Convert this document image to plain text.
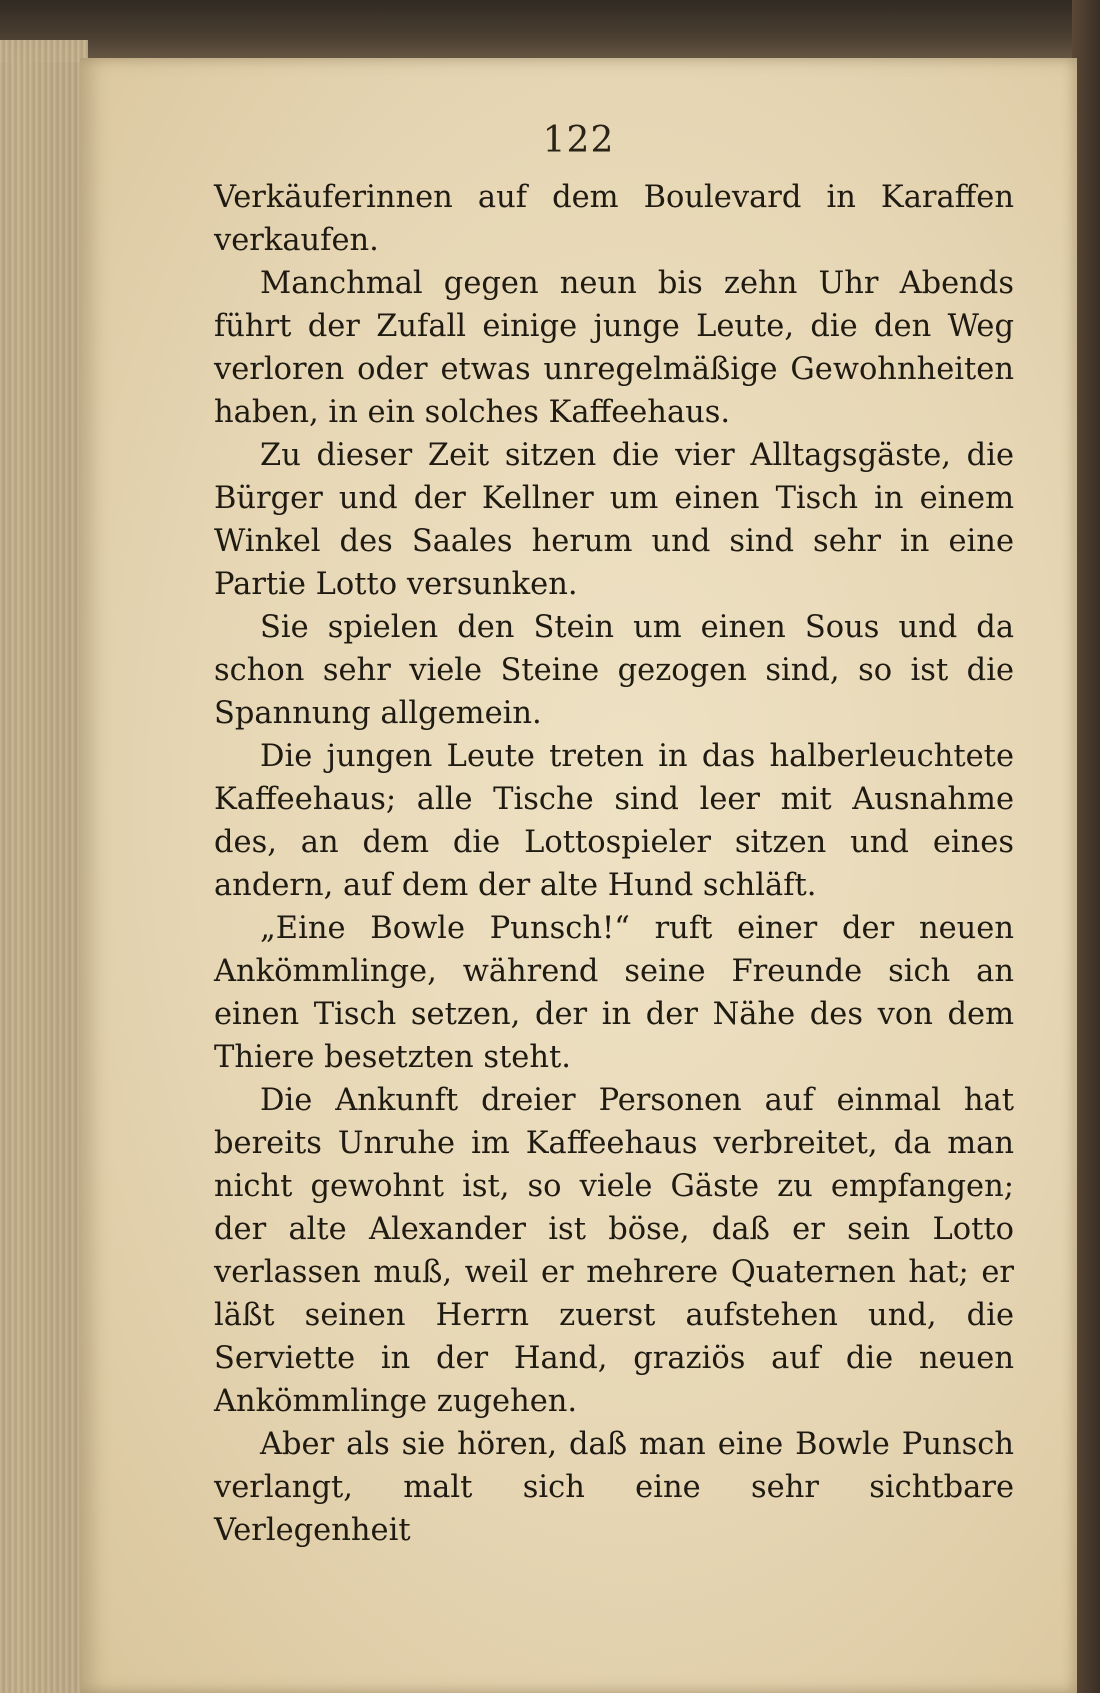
122

Verkäuferinnen auf dem Boulevard in Karaffen verkaufen.

Manchmal gegen neun bis zehn Uhr Abends führt der Zufall einige junge Leute, die den Weg verloren oder etwas unregelmäßige Gewohnheiten haben, in ein solches Kaffeehaus.

Zu dieser Zeit sitzen die vier Alltagsgäste, die Bürger und der Kellner um einen Tisch in einem Winkel des Saales herum und sind sehr in eine Partie Lotto versunken.

Sie spielen den Stein um einen Sous und da schon sehr viele Steine gezogen sind, so ist die Spannung allgemein.

Die jungen Leute treten in das halberleuchtete Kaffeehaus; alle Tische sind leer mit Ausnahme des, an dem die Lottospieler sitzen und eines andern, auf dem der alte Hund schläft.

„Eine Bowle Punsch!“ ruft einer der neuen Ankömmlinge, während seine Freunde sich an einen Tisch setzen, der in der Nähe des von dem Thiere besetzten steht.

Die Ankunft dreier Personen auf einmal hat bereits Unruhe im Kaffeehaus verbreitet, da man nicht gewohnt ist, so viele Gäste zu empfangen; der alte Alexander ist böse, daß er sein Lotto verlassen muß, weil er mehrere Quaternen hat; er läßt seinen Herrn zuerst aufstehen und, die Serviette in der Hand, graziös auf die neuen Ankömmlinge zugehen.

Aber als sie hören, daß man eine Bowle Punsch verlangt, malt sich eine sehr sichtbare Verlegenheit
